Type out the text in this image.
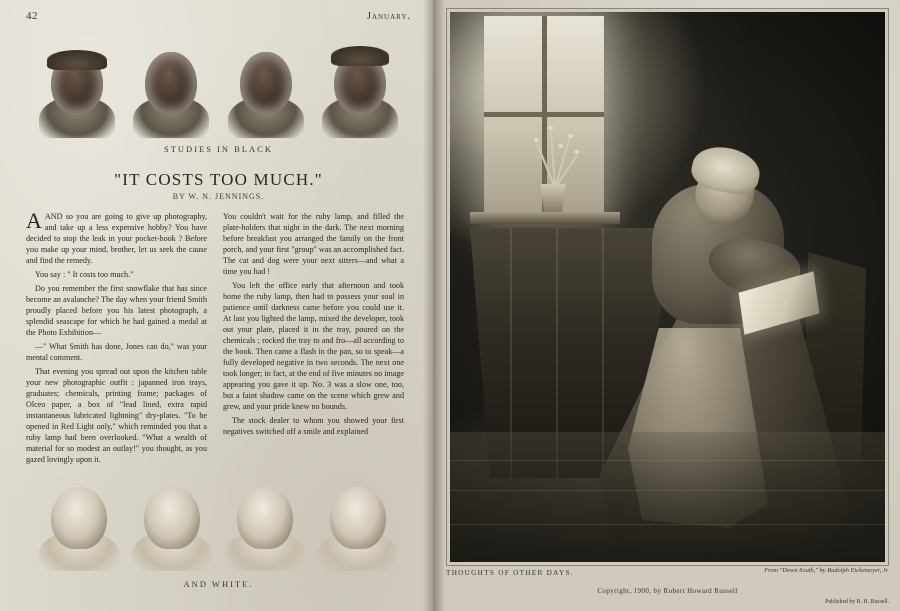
42	January.
STUDIES IN BLACK
"IT COSTS TOO MUCH."
BY W. N. JENNINGS.

AAND so you are going to give up photography, and take up a less expensive hobby? You have decided to stop the leak in your pocket-book ? Before you make up your mind, brother, let us seek the cause and find the remedy.

You say : " It costs too much."

Do you remember the first snowflake that has since become an avalanche? The day when your friend Smith proudly placed before you his latest photograph, a splendid seascape for which he had gained a medal at the Photo Exhibition—

—" What Smith has done, Jones can do," was your mental comment.

That evening you spread out upon the kitchen table your new photographic outfit : japanned iron trays, graduates; chemicals, printing frame; packages of Olceo paper, a box of "lead lined, extra rapid instantaneous lubricated lightning" dry-plates. "To be opened in Red Light only," which reminded you that a ruby lamp had been overlooked. "What a wealth of material for so modest an outlay!" you thought, as you gazed lovingly upon it.

You couldn't wait for the ruby lamp, and filled the plate-holders that night in the dark. The next morning before breakfast you arranged the family on the front porch, and your first "group" was an accomplished fact. The cat and dog were your next sitters—and what a time you had !

You left the office early that afternoon and took home the ruby lamp, then had to possess your soul in patience until darkness came before you could use it. At last you lighted the lamp, mixed the developer, took out your plate, placed it in the tray, poured on the chemicals ; rocked the tray to and fro—all according to the book. Then came a flash in the pan, so to speak—a fully developed negative in two seconds. The next one took longer; in fact, at the end of five minutes no image appearing you gave it up. No. 3 was a slow one, too, but a faint shadow came on the scene which grew and grew, and your pride knew no bounds.

The stock dealer to whom you showed your first negatives switched off a smile and explained

AND WHITE.
THOUGHTS OF OTHER DAYS.	From "Down South," by Rudolph Eickemeyer, Jr.
Copyright, 1900, by Robert Howard Russell
Published by R. H. Russell.
